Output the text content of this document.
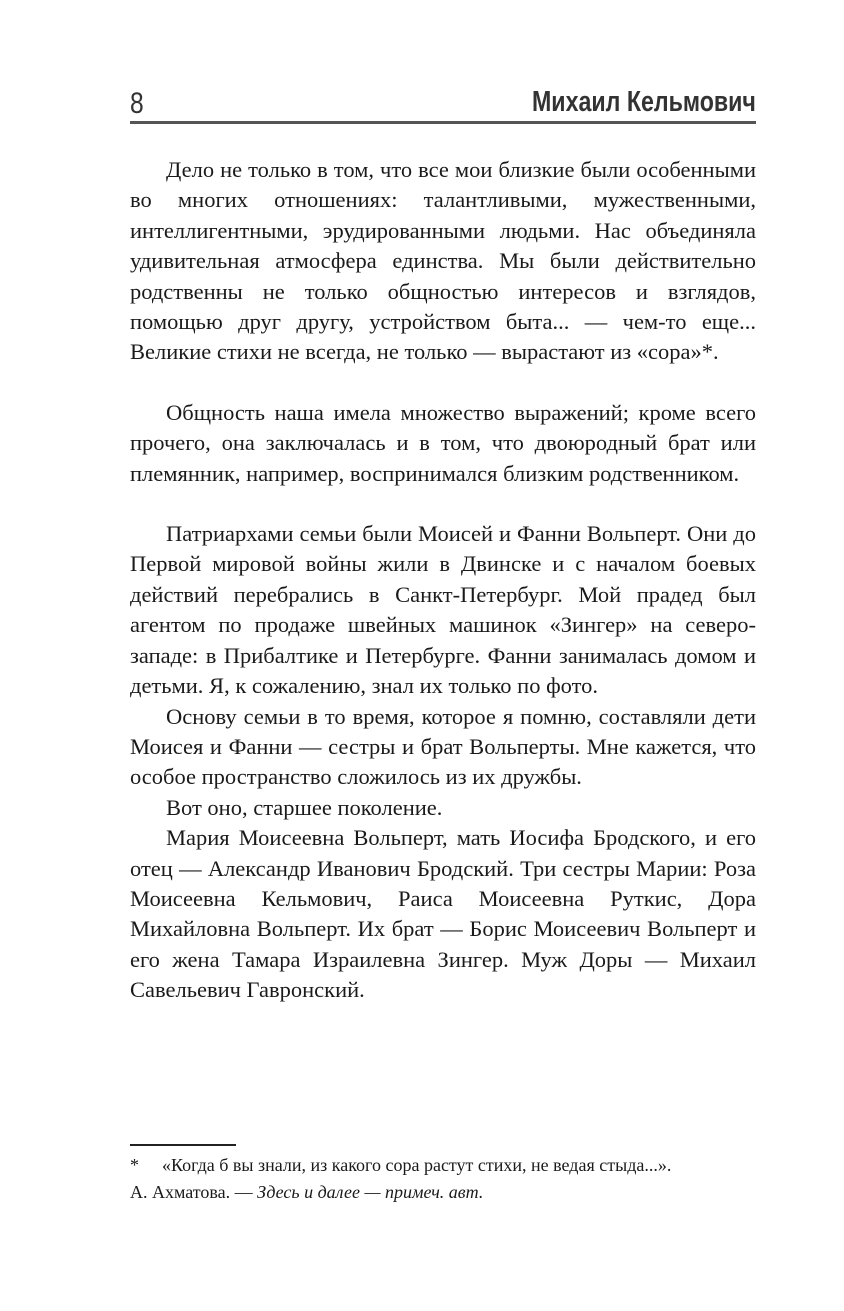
8	Михаил Кельмович

Дело не только в том, что все мои близкие были особенными во многих отношениях: талантливыми, мужественными, интеллигентными, эрудированными людьми. Нас объединяла удивительная атмосфера единства. Мы были действительно родственны не только общностью интересов и взглядов, помощью друг другу, устройством быта... — чем-то еще... Великие стихи не всегда, не только — вырастают из «сора»*.

Общность наша имела множество выражений; кроме всего прочего, она заключалась и в том, что двоюродный брат или племянник, например, воспринимался близким родственником.

Патриархами семьи были Моисей и Фанни Вольперт. Они до Первой мировой войны жили в Двинске и с началом боевых действий перебрались в Санкт-Петербург. Мой прадед был агентом по продаже швейных машинок «Зингер» на северо-западе: в Прибалтике и Петербурге. Фанни занималась домом и детьми. Я, к сожалению, знал их только по фото.

Основу семьи в то время, которое я помню, составляли дети Моисея и Фанни — сестры и брат Вольперты. Мне кажется, что особое пространство сложилось из их дружбы.

Вот оно, старшее поколение.

Мария Моисеевна Вольперт, мать Иосифа Бродского, и его отец — Александр Иванович Бродский. Три сестры Марии: Роза Моисеевна Кельмович, Раиса Моисеевна Руткис, Дора Михайловна Вольперт. Их брат — Борис Моисеевич Вольперт и его жена Тамара Израилевна Зингер. Муж Доры — Михаил Савельевич Гавронский.

* «Когда б вы знали, из какого сора растут стихи, не ведая стыда...».
А. Ахматова. — Здесь и далее — примеч. авт.
